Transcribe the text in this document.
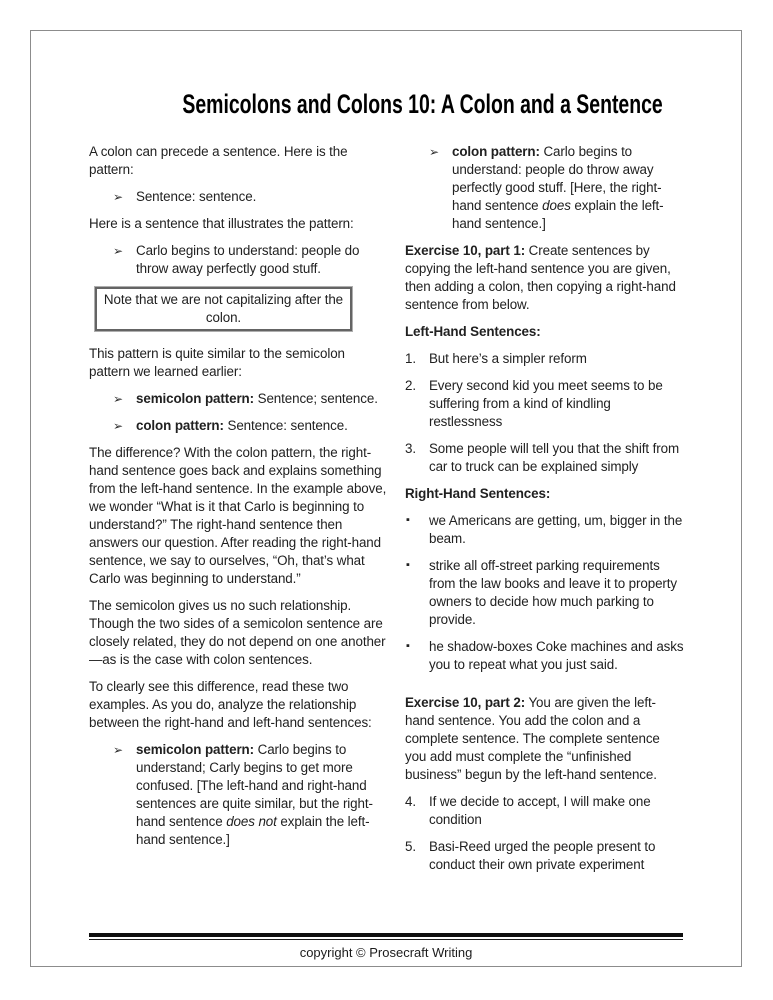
Semicolons and Colons 10: A Colon and a Sentence

A colon can precede a sentence. Here is the pattern:

➢ Sentence: sentence.

Here is a sentence that illustrates the pattern:

➢ Carlo begins to understand: people do throw away perfectly good stuff.
Note that we are not capitalizing after the colon.

This pattern is quite similar to the semicolon pattern we learned earlier:

➢ semicolon pattern: Sentence; sentence.
➢ colon pattern: Sentence: sentence.

The difference? With the colon pattern, the right-hand sentence goes back and explains something from the left-hand sentence. In the example above, we wonder “What is it that Carlo is beginning to understand?” The right-hand sentence then answers our question. After reading the right-hand sentence, we say to ourselves, “Oh, that’s what Carlo was beginning to understand.”

The semicolon gives us no such relationship. Though the two sides of a semicolon sentence are closely related, they do not depend on one another—as is the case with colon sentences.

To clearly see this difference, read these two examples. As you do, analyze the relationship between the right-hand and left-hand sentences:

➢ semicolon pattern: Carlo begins to understand; Carly begins to get more confused. [The left-hand and right-hand sentences are quite similar, but the right-hand sentence does not explain the left-hand sentence.]
➢ colon pattern: Carlo begins to understand: people do throw away perfectly good stuff. [Here, the right-hand sentence does explain the left-hand sentence.]

Exercise 10, part 1: Create sentences by copying the left-hand sentence you are given, then adding a colon, then copying a right-hand sentence from below.

Left-Hand Sentences:

1. But here’s a simpler reform
2. Every second kid you meet seems to be suffering from a kind of kindling restlessness
3. Some people will tell you that the shift from car to truck can be explained simply

Right-Hand Sentences:

▪ we Americans are getting, um, bigger in the beam.
▪ strike all off-street parking requirements from the law books and leave it to property owners to decide how much parking to provide.
▪ he shadow-boxes Coke machines and asks you to repeat what you just said.

Exercise 10, part 2: You are given the left-hand sentence. You add the colon and a complete sentence. The complete sentence you add must complete the “unfinished business” begun by the left-hand sentence.

4. If we decide to accept, I will make one condition
5. Basi-Reed urged the people present to conduct their own private experiment

copyright © Prosecraft Writing
